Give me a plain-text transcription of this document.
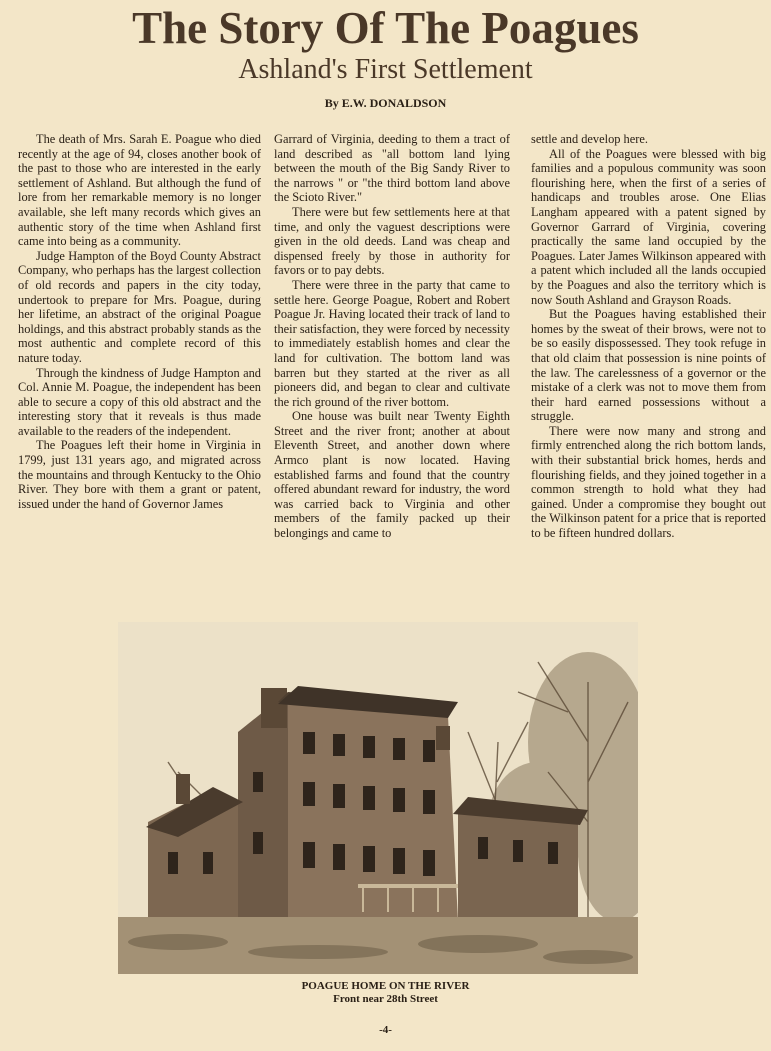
The Story Of The Poagues
Ashland's First Settlement
By E.W. DONALDSON

The death of Mrs. Sarah E. Poague who died recently at the age of 94, closes another book of the past to those who are interested in the early settlement of Ashland. But although the fund of lore from her remarkable memory is no longer available, she left many records which gives an authentic story of the time when Ashland first came into being as a community.

Judge Hampton of the Boyd County Abstract Company, who perhaps has the largest collection of old records and papers in the city today, undertook to prepare for Mrs. Poague, during her lifetime, an abstract of the original Poague holdings, and this abstract probably stands as the most authentic and complete record of this nature today.

Through the kindness of Judge Hampton and Col. Annie M. Poague, the independent has been able to secure a copy of this old abstract and the interesting story that it reveals is thus made available to the readers of the independent.

The Poagues left their home in Virginia in 1799, just 131 years ago, and migrated across the mountains and through Kentucky to the Ohio River. They bore with them a grant or patent, issued under the hand of Governor James

Garrard of Virginia, deeding to them a tract of land described as "all bottom land lying between the mouth of the Big Sandy River to the narrows " or "the third bottom land above the Scioto River."

There were but few settlements here at that time, and only the vaguest descriptions were given in the old deeds. Land was cheap and dispensed freely by those in authority for favors or to pay debts.

There were three in the party that came to settle here. George Poague, Robert and Robert Poague Jr. Having located their track of land to their satisfaction, they were forced by necessity to immediately establish homes and clear the land for cultivation. The bottom land was barren but they started at the river as all pioneers did, and began to clear and cultivate the rich ground of the river bottom.

One house was built near Twenty Eighth Street and the river front; another at about Eleventh Street, and another down where Armco plant is now located. Having established farms and found that the country offered abundant reward for industry, the word was carried back to Virginia and other members of the family packed up their belongings and came to

settle and develop here.

All of the Poagues were blessed with big families and a populous community was soon flourishing here, when the first of a series of handicaps and troubles arose. One Elias Langham appeared with a patent signed by Governor Garrard of Virginia, covering practically the same land occupied by the Poagues. Later James Wilkinson appeared with a patent which included all the lands occupied by the Poagues and also the territory which is now South Ashland and Grayson Roads.

But the Poagues having established their homes by the sweat of their brows, were not to be so easily dispossessed. They took refuge in that old claim that possession is nine points of the law. The carelessness of a governor or the mistake of a clerk was not to move them from their hard earned possessions without a struggle.

There were now many and strong and firmly entrenched along the rich bottom lands, with their substantial brick homes, herds and flourishing fields, and they joined together in a common strength to hold what they had gained. Under a compromise they bought out the Wilkinson patent for a price that is reported to be fifteen hundred dollars.

POAGUE HOME ON THE RIVER
Front near 28th Street
-4-
